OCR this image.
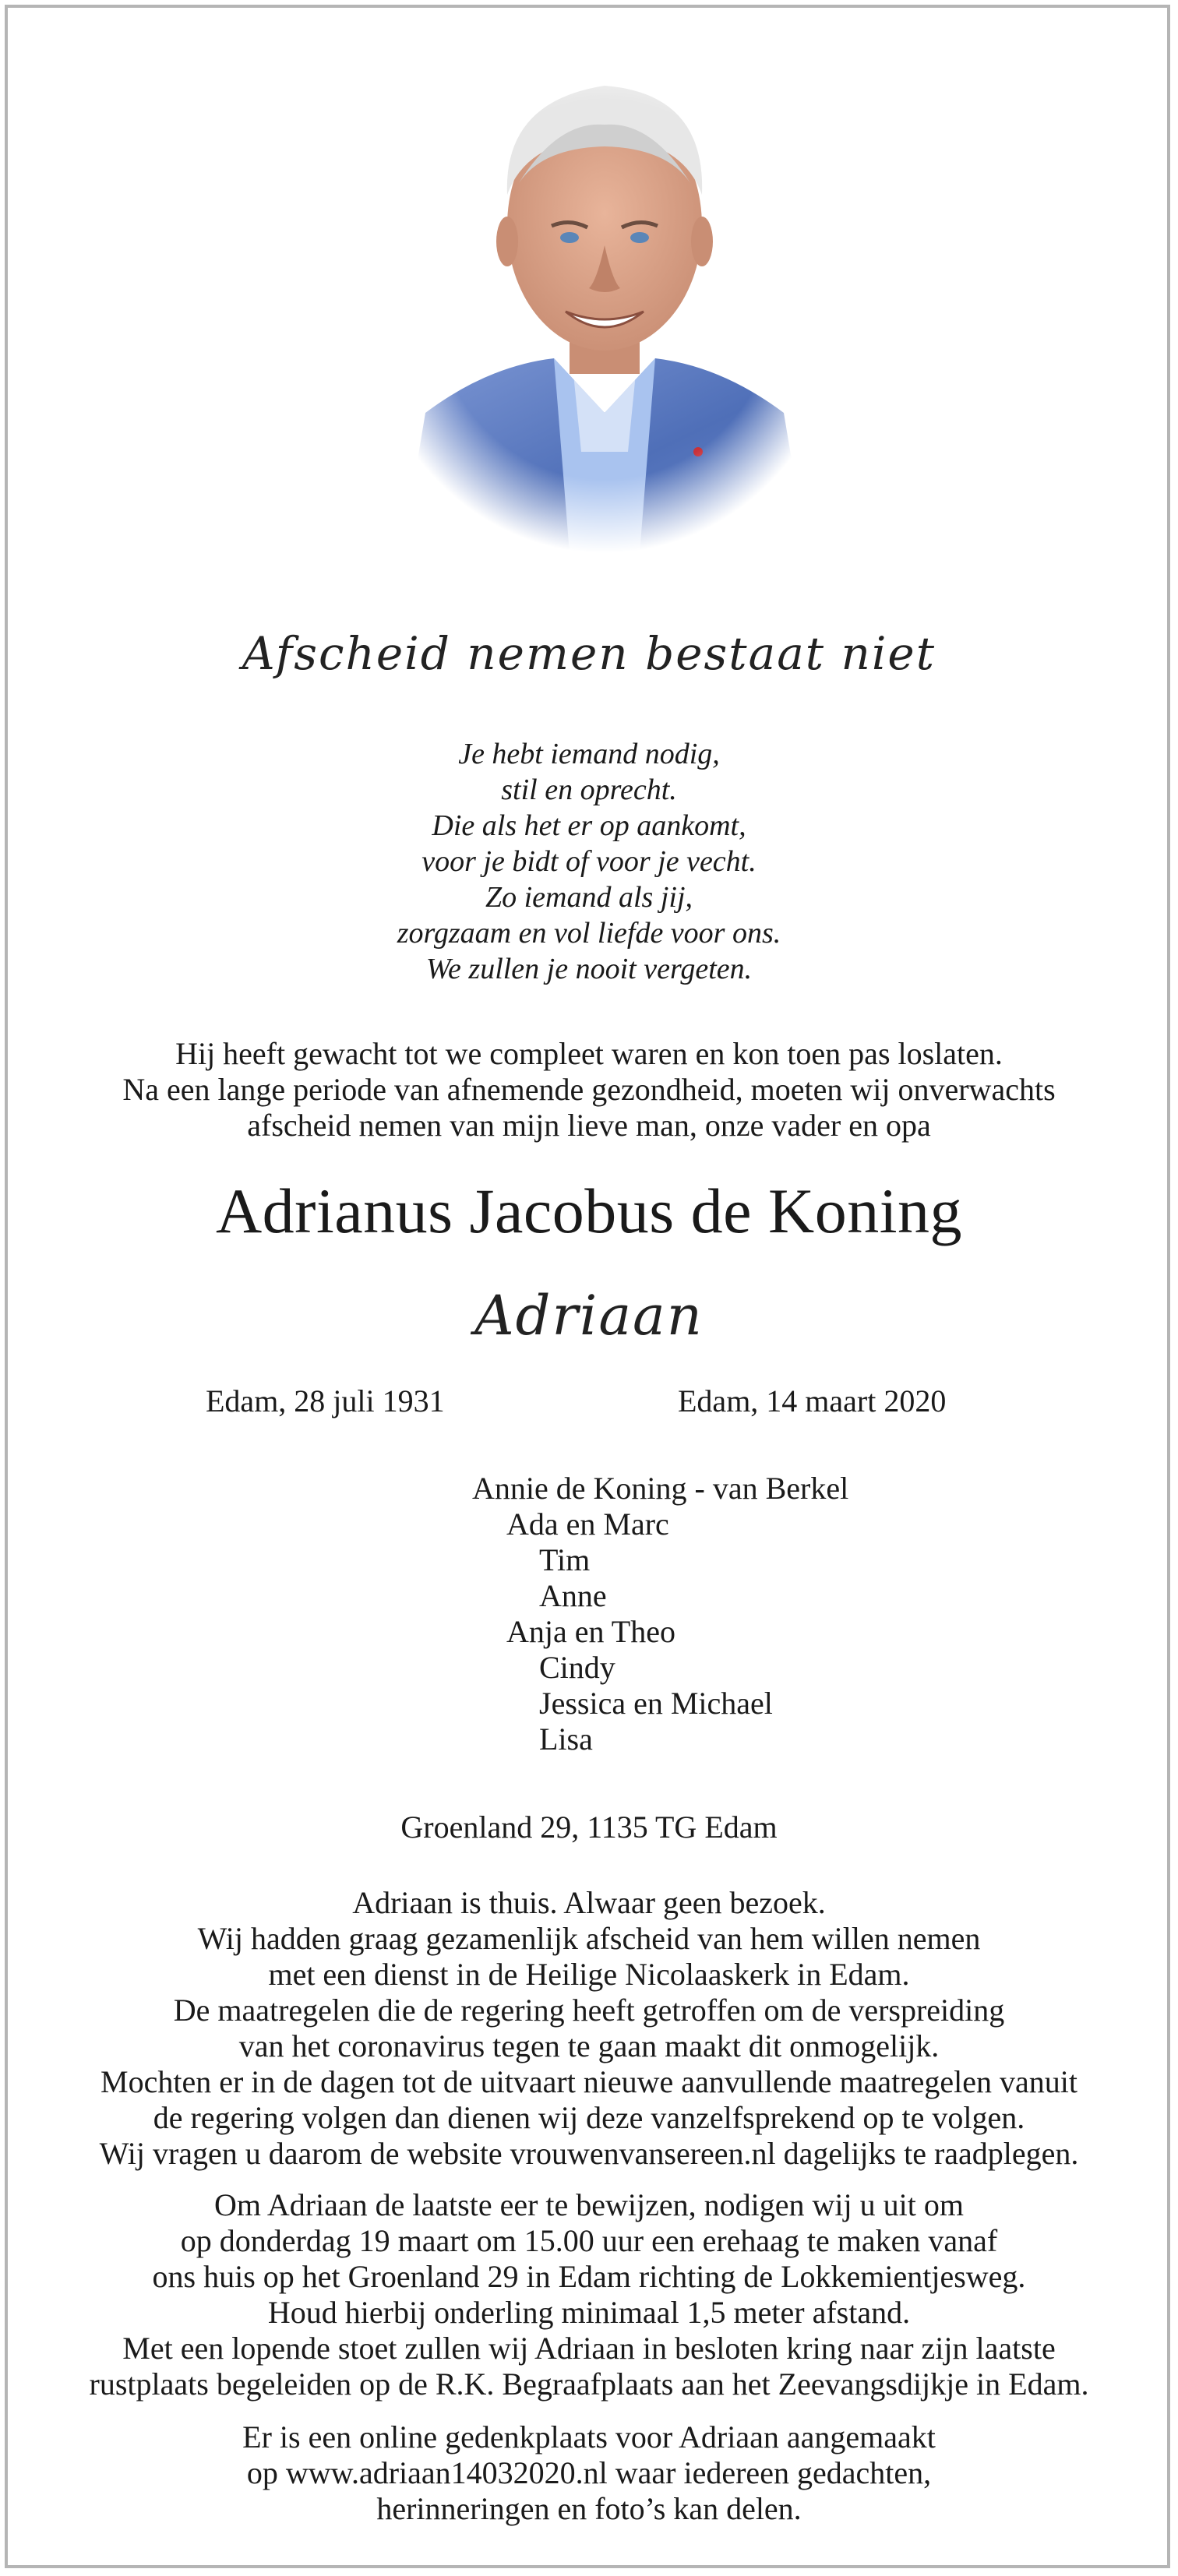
Afscheid nemen bestaat niet
Je hebt iemand nodig,
stil en oprecht.
Die als het er op aankomt,
voor je bidt of voor je vecht.
Zo iemand als jij,
zorgzaam en vol liefde voor ons.
We zullen je nooit vergeten.
Hij heeft gewacht tot we compleet waren en kon toen pas loslaten.
Na een lange periode van afnemende gezondheid, moeten wij onverwachts
afscheid nemen van mijn lieve man, onze vader en opa
Adrianus Jacobus de Koning
Adriaan
Edam, 28 juli 1931	Edam, 14 maart 2020
Annie de Koning - van Berkel
Ada en Marc
Tim
Anne
Anja en Theo
Cindy
Jessica en Michael
Lisa
Groenland 29, 1135 TG Edam
Adriaan is thuis. Alwaar geen bezoek.
Wij hadden graag gezamenlijk afscheid van hem willen nemen
met een dienst in de Heilige Nicolaaskerk in Edam.
De maatregelen die de regering heeft getroffen om de verspreiding
van het coronavirus tegen te gaan maakt dit onmogelijk.
Mochten er in de dagen tot de uitvaart nieuwe aanvullende maatregelen vanuit
de regering volgen dan dienen wij deze vanzelfsprekend op te volgen.
Wij vragen u daarom de website vrouwenvansereen.nl dagelijks te raadplegen.
Om Adriaan de laatste eer te bewijzen, nodigen wij u uit om
op donderdag 19 maart om 15.00 uur een erehaag te maken vanaf
ons huis op het Groenland 29 in Edam richting de Lokkemientjesweg.
Houd hierbij onderling minimaal 1,5 meter afstand.
Met een lopende stoet zullen wij Adriaan in besloten kring naar zijn laatste
rustplaats begeleiden op de R.K. Begraafplaats aan het Zeevangsdijkje in Edam.
Er is een online gedenkplaats voor Adriaan aangemaakt
op www.adriaan14032020.nl waar iedereen gedachten,
herinneringen en foto’s kan delen.
